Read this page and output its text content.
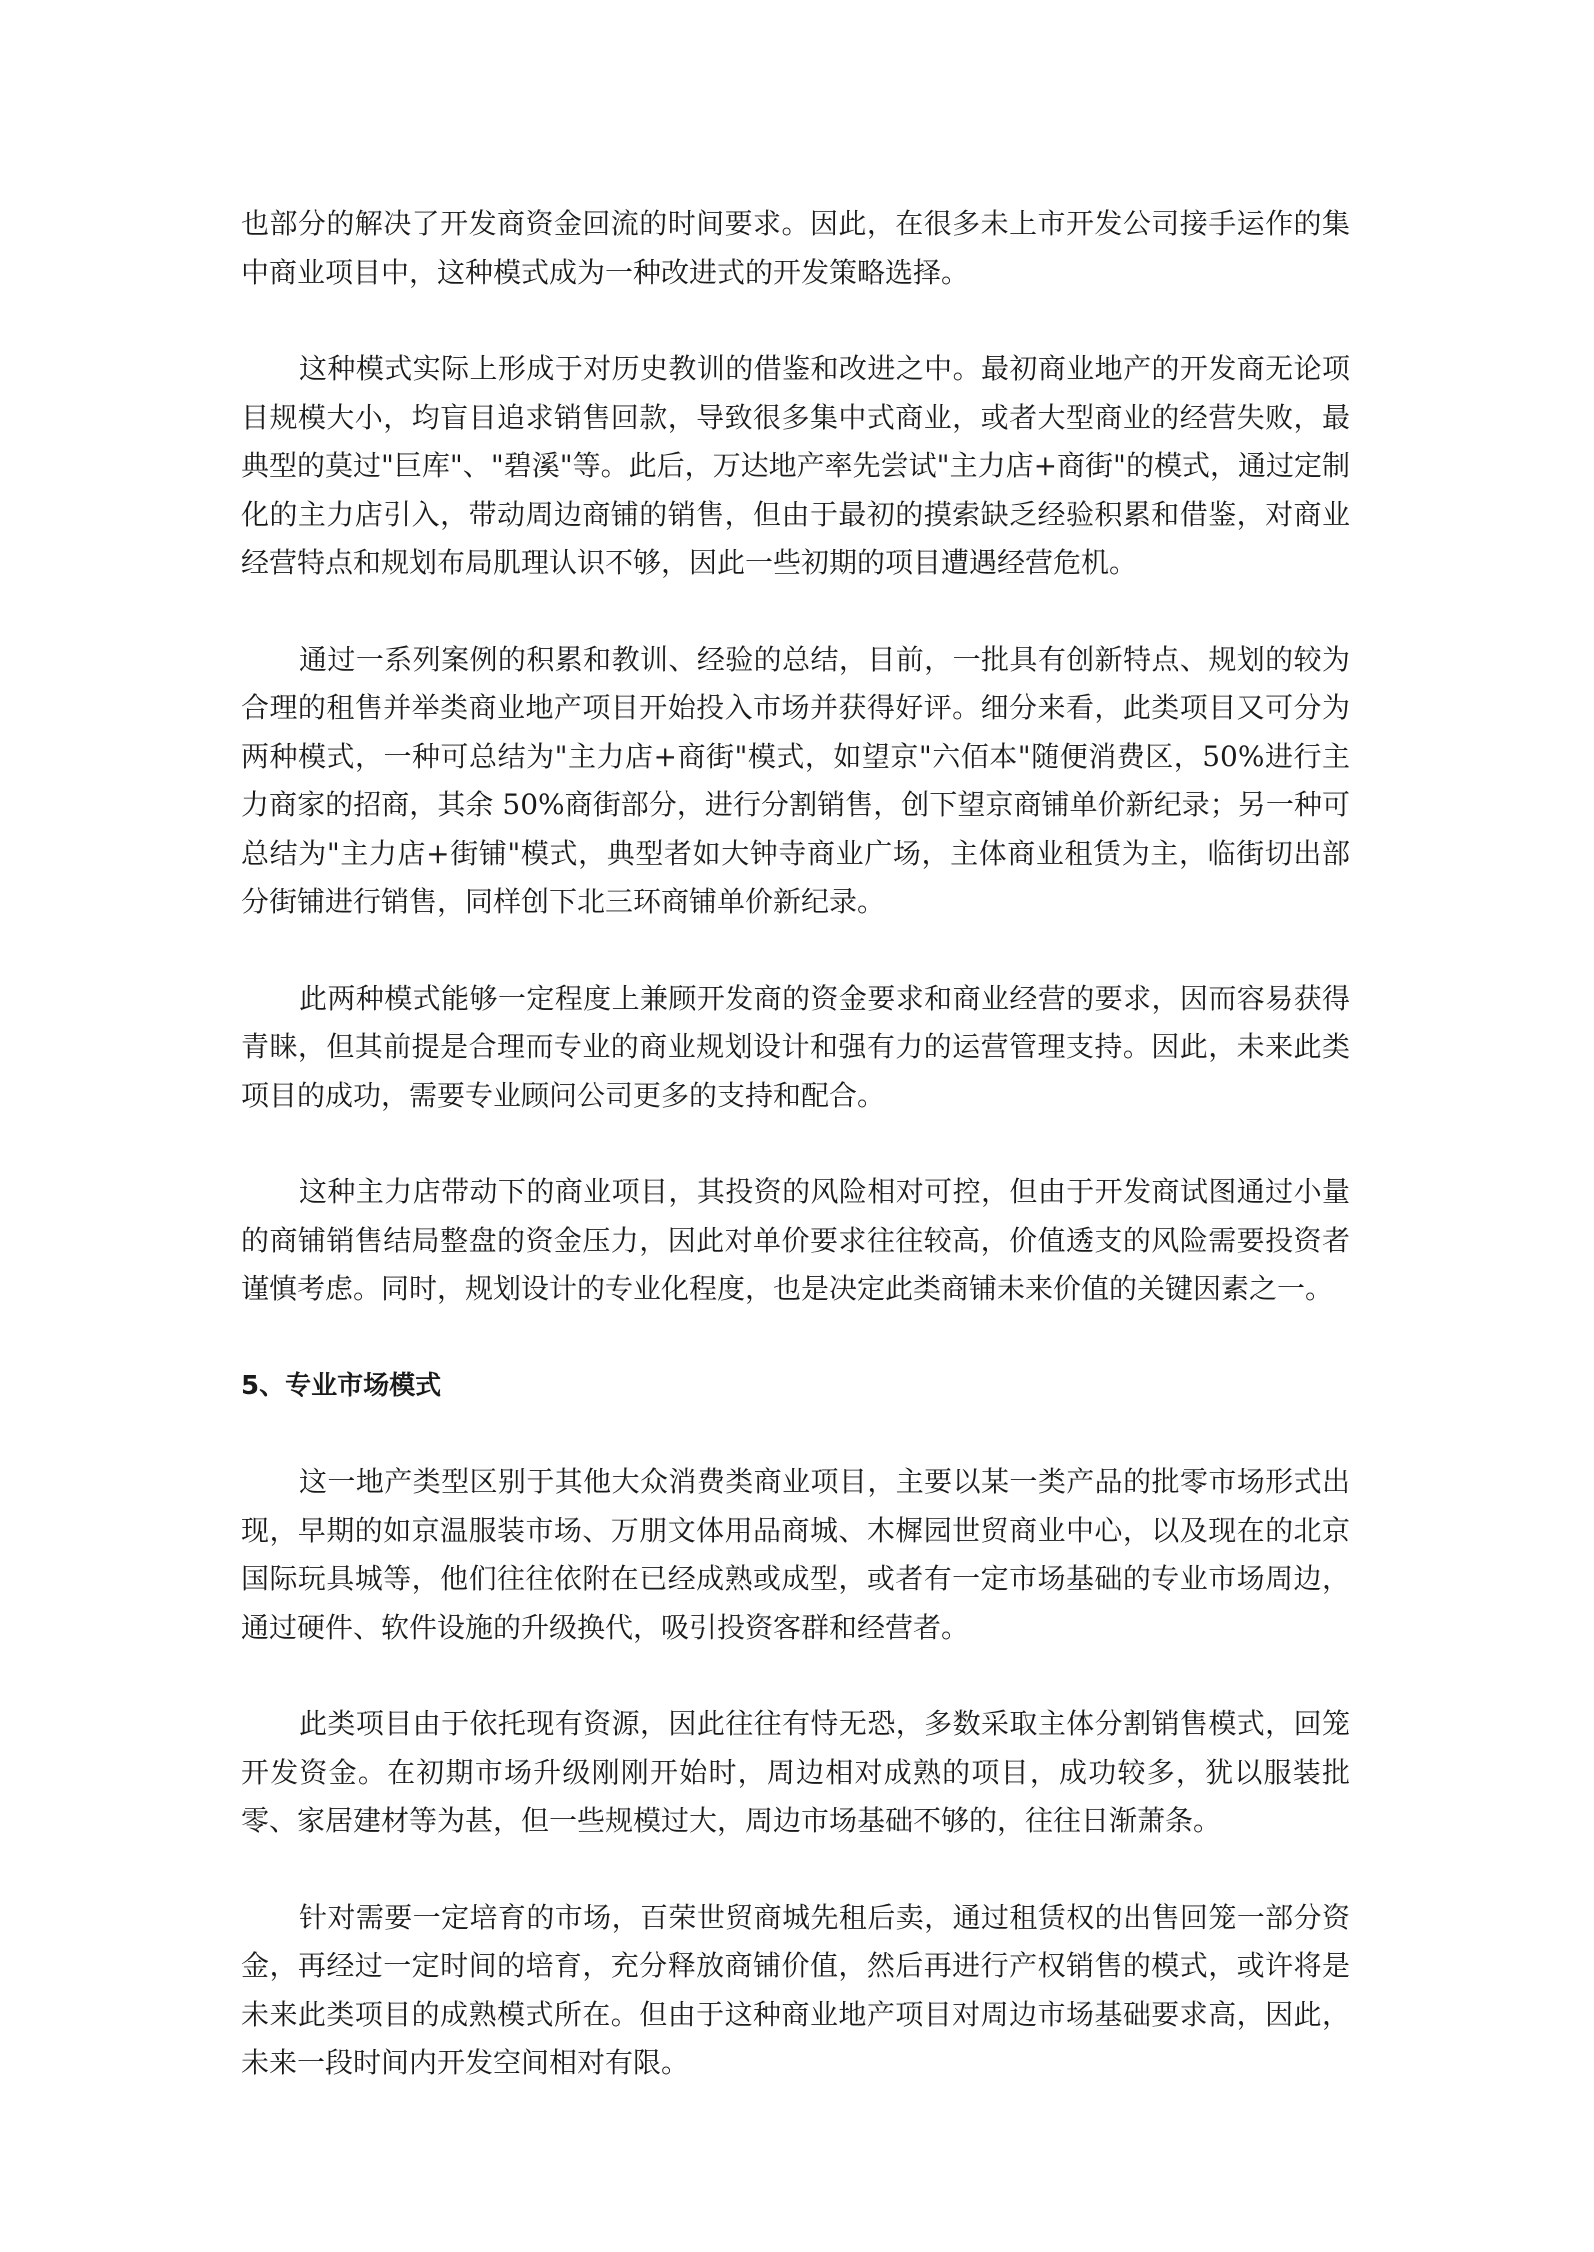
也部分的解决了开发商资金回流的时间要求。因此，在很多未上市开发公司接手运作的集中商业项目中，这种模式成为一种改进式的开发策略选择。

这种模式实际上形成于对历史教训的借鉴和改进之中。最初商业地产的开发商无论项目规模大小，均盲目追求销售回款，导致很多集中式商业，或者大型商业的经营失败，最典型的莫过"巨库"、"碧溪"等。此后，万达地产率先尝试"主力店+商街"的模式，通过定制化的主力店引入，带动周边商铺的销售，但由于最初的摸索缺乏经验积累和借鉴，对商业经营特点和规划布局肌理认识不够，因此一些初期的项目遭遇经营危机。

通过一系列案例的积累和教训、经验的总结，目前，一批具有创新特点、规划的较为合理的租售并举类商业地产项目开始投入市场并获得好评。细分来看，此类项目又可分为两种模式，一种可总结为"主力店+商街"模式，如望京"六佰本"随便消费区，50%进行主力商家的招商，其余 50%商街部分，进行分割销售，创下望京商铺单价新纪录；另一种可总结为"主力店+街铺"模式，典型者如大钟寺商业广场，主体商业租赁为主，临街切出部分街铺进行销售，同样创下北三环商铺单价新纪录。

此两种模式能够一定程度上兼顾开发商的资金要求和商业经营的要求，因而容易获得青睐，但其前提是合理而专业的商业规划设计和强有力的运营管理支持。因此，未来此类项目的成功，需要专业顾问公司更多的支持和配合。

这种主力店带动下的商业项目，其投资的风险相对可控，但由于开发商试图通过小量的商铺销售结局整盘的资金压力，因此对单价要求往往较高，价值透支的风险需要投资者谨慎考虑。同时，规划设计的专业化程度，也是决定此类商铺未来价值的关键因素之一。

5、专业市场模式

这一地产类型区别于其他大众消费类商业项目，主要以某一类产品的批零市场形式出现，早期的如京温服装市场、万朋文体用品商城、木樨园世贸商业中心，以及现在的北京国际玩具城等，他们往往依附在已经成熟或成型，或者有一定市场基础的专业市场周边，通过硬件、软件设施的升级换代，吸引投资客群和经营者。

此类项目由于依托现有资源，因此往往有恃无恐，多数采取主体分割销售模式，回笼开发资金。在初期市场升级刚刚开始时，周边相对成熟的项目，成功较多，犹以服装批零、家居建材等为甚，但一些规模过大，周边市场基础不够的，往往日渐萧条。

针对需要一定培育的市场，百荣世贸商城先租后卖，通过租赁权的出售回笼一部分资金，再经过一定时间的培育，充分释放商铺价值，然后再进行产权销售的模式，或许将是未来此类项目的成熟模式所在。但由于这种商业地产项目对周边市场基础要求高，因此，未来一段时间内开发空间相对有限。
